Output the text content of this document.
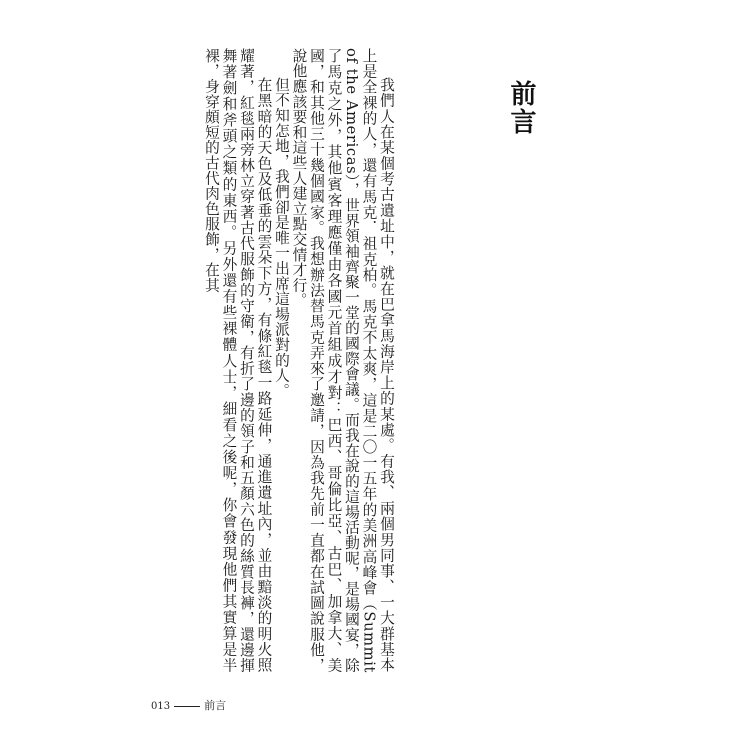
前言

我們人在某個考古遺址中，就在巴拿馬海岸上的某處。有我、兩個男同事、一大群基本上是全裸的人，還有馬克．祖克柏。馬克不太爽，這是二〇一五年的美洲高峰會（Summit of the Americas），世界領袖齊聚一堂的國際會議。而我在說的這場活動呢，是場國宴，除了馬克之外，其他賓客理應僅由各國元首組成才對：巴西、哥倫比亞、古巴、加拿大、美國，和其他三十幾個國家。我想辦法替馬克弄來了邀請，因為我先前一直都在試圖說服他，說他應該要和這些人建立點交情才行。

但不知怎地，我們卻是唯一出席這場派對的人。

在黑暗的天色及低垂的雲朵下方，有條紅毯一路延伸，通進遺址內，並由黯淡的明火照耀著，紅毯兩旁林立穿著古代服飾的守衛，有折了邊的領子和五顏六色的絲質長褲，還邊揮舞著劍和斧頭之類的東西。另外還有些裸體人士，細看之後呢，你會發現他們其實算是半裸，身穿頗短的古代肉色服飾，在其

013	前言
